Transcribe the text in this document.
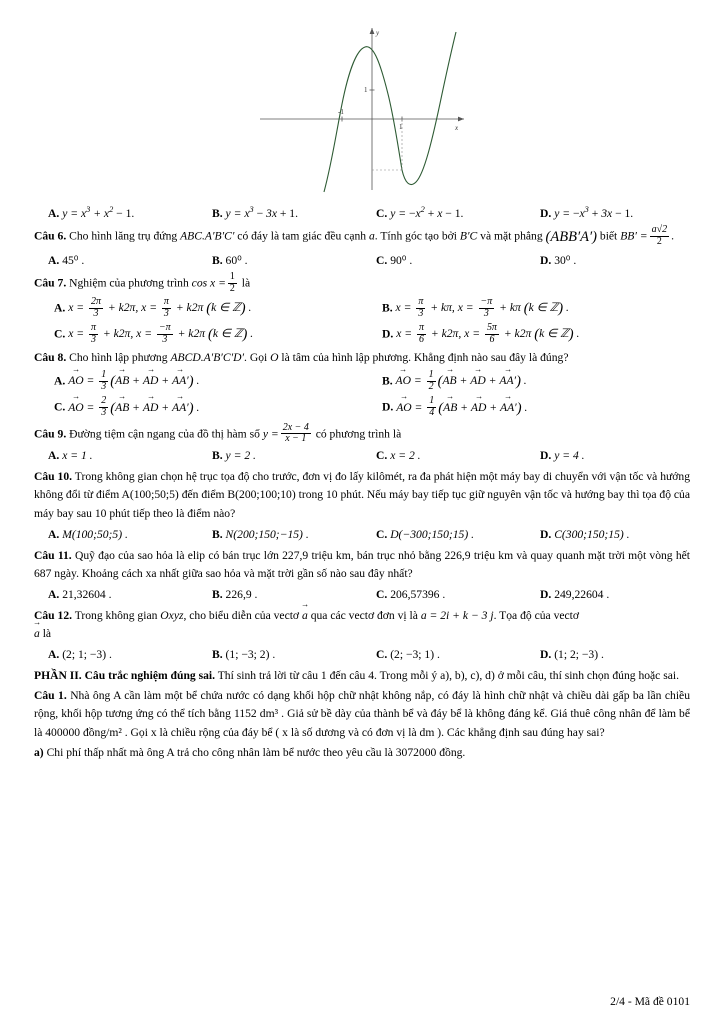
-1
1
1
x
y
A. $y = x^3 + x^2 - 1$.	B. $y = x^3 - 3x + 1$.	C. $y = -x^2 + x - 1$.	D. $y = -x^3 + 3x - 1$.
Câu 6. Cho hình lăng trụ đứng ABC.A′B′C′ có đáy là tam giác đều cạnh a. Tính góc tạo bởi B′C và mặt phẳng (ABB′A′) biết $BB' = \frac{a√2}{2}$ .
A. 45⁰ .	B. 60⁰ .	C. 90⁰ .	D. 30⁰ .
Câu 7. Nghiệm của phương trình $\cos x = \frac{1}{2}$ là
A. $x = \frac{2\pi}{3} + k2\pi$, $x = \frac{\pi}{3} + k2\pi$ (k ∈ ℤ) .	B. $x = \frac{\pi}{3} + k\pi$, $x = \frac{-\pi}{3} + k\pi$ (k ∈ ℤ) .
C. $x = \frac{\pi}{3} + k2\pi$, $x = \frac{-\pi}{3} + k2\pi$ (k ∈ ℤ) .	D. $x = \frac{\pi}{6} + k2\pi$, $x = \frac{5\pi}{6} + k2\pi$ (k ∈ ℤ) .
Câu 8. Cho hình lập phương ABCD.A′B′C′D′. Gọi O là tâm của hình lập phương. Khẳng định nào sau đây là đúng?
A. → AO = $\frac{1}{3}$ (→ AB + → AD + → AA′) .	B. → AO = $\frac{1}{2}$ (→ AB + → AD + → AA′) .
C. → AO = $\frac{2}{3}$ (→ AB + → AD + → AA′) .	D. → AO = $\frac{1}{4}$ (→ AB + → AD + → AA′) .
Câu 9. Đường tiệm cận ngang của đồ thị hàm số $y = \frac{2x - 4}{x - 1}$ có phương trình là
A. x = 1 .	B. y = 2 .	C. x = 2 .	D. y = 4 .
Câu 10. Trong không gian chọn hệ trục tọa độ cho trước, đơn vị đo lấy kilômét, ra đa phát hiện một máy bay di chuyển với vận tốc và hướng không đổi từ điểm A(100;50;5) đến điểm B(200;100;10) trong 10 phút. Nếu máy bay tiếp tục giữ nguyên vận tốc và hướng bay thì tọa độ của máy bay sau 10 phút tiếp theo là điểm nào?
A. M(100;50;5) .	B. N(200;150;−15) .	C. D(−300;150;15) .	D. C(300;150;15) .
Câu 11. Quỹ đạo của sao hỏa là elip có bán trục lớn 227,9 triệu km, bán trục nhỏ bằng 226,9 triệu km và quay quanh mặt trời một vòng hết 687 ngày. Khoảng cách xa nhất giữa sao hỏa và mặt trời gần số nào sau đây nhất?
A. 21,32604 .	B. 226,9 .	C. 206,57396 .	D. 249,22604 .
Câu 12. Trong không gian Oxyz, cho biểu diễn của vectơ → a qua các vectơ đơn vị là a = 2i + k − 3 j. Tọa độ của vectơ
→ a là
A. (2; 1; −3) .	B. (1; −3; 2) .	C. (2; −3; 1) .	D. (1; 2; −3) .
PHẦN II. Câu trắc nghiệm đúng sai. Thí sinh trả lời từ câu 1 đến câu 4. Trong mỗi ý a), b), c), d) ở mỗi câu, thí sinh chọn đúng hoặc sai.
Câu 1. Nhà ông A cần làm một bể chứa nước có dạng khối hộp chữ nhật không nắp, có đáy là hình chữ nhật và chiều dài gấp ba lần chiều rộng, khối hộp tương ứng có thể tích bằng 1152 dm³ . Giả sử bề dày của thành bể và đáy bể là không đáng kể. Giá thuê công nhân để làm bể là 400000 đồng/m² . Gọi x là chiều rộng của đáy bể ( x là số dương và có đơn vị là dm ). Các khẳng định sau đúng hay sai?
a) Chi phí thấp nhất mà ông A trả cho công nhân làm bể nước theo yêu cầu là 3072000 đồng.
2/4 - Mã đề 0101
